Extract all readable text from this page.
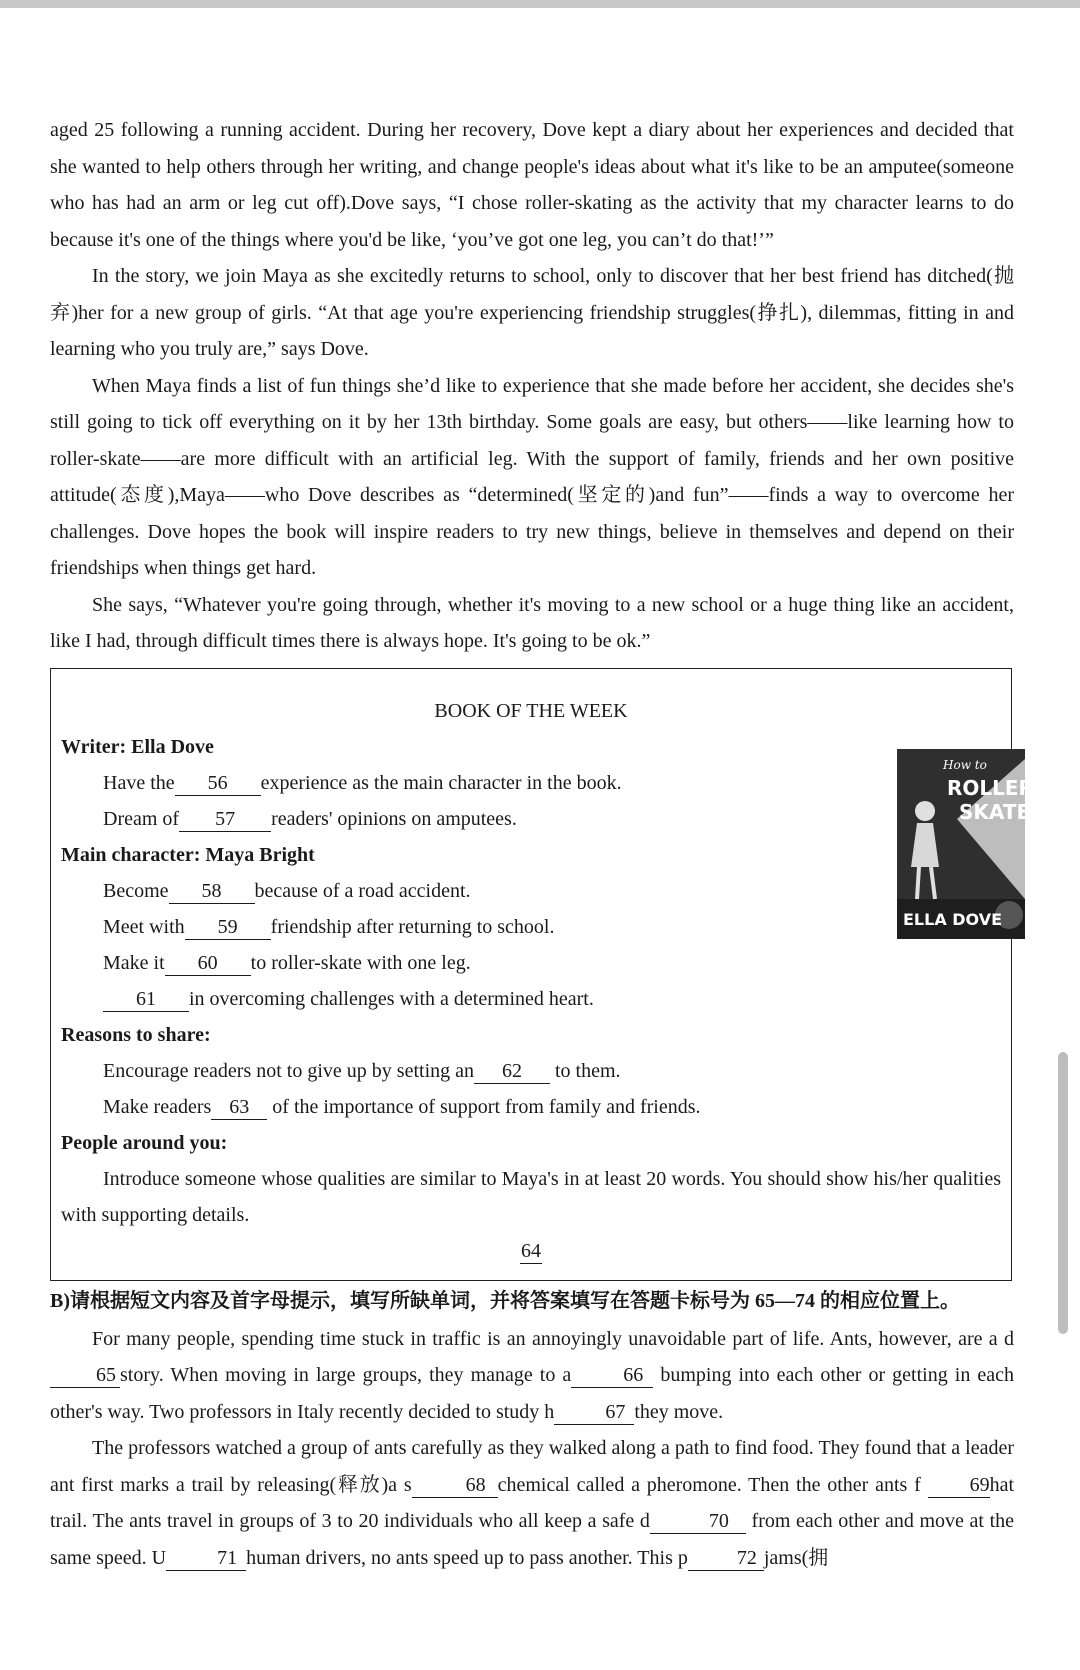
aged 25 following a running accident. During her recovery, Dove kept a diary about her experiences and decided that she wanted to help others through her writing, and change people's ideas about what it's like to be an amputee(someone who has had an arm or leg cut off).Dove says, “I chose roller-skating as the activity that my character learns to do because it's one of the things where you'd be like, ‘you’ve got one leg, you can’t do that!’”

In the story, we join Maya as she excitedly returns to school, only to discover that her best friend has ditched(抛弃)her for a new group of girls. “At that age you're experiencing friendship struggles(挣扎), dilemmas, fitting in and learning who you truly are,” says Dove.

When Maya finds a list of fun things she’d like to experience that she made before her accident, she decides she's still going to tick off everything on it by her 13th birthday. Some goals are easy, but others——like learning how to roller-skate——are more difficult with an artificial leg. With the support of family, friends and her own positive attitude(态度),Maya——who Dove describes as “determined(坚定的)and fun”——finds a way to overcome her challenges. Dove hopes the book will inspire readers to try new things, believe in themselves and depend on their friendships when things get hard.

She says, “Whatever you're going through, whether it's moving to a new school or a huge thing like an accident, like I had, through difficult times there is always hope. It's going to be ok.”

BOOK OF THE WEEK
Writer: Ella Dove
Have the 56 experience as the main character in the book.
Dream of 57 readers' opinions on amputees.
Main character: Maya Bright
Become 58 because of a road accident.
Meet with 59 friendship after returning to school.
Make it 60 to roller-skate with one leg.
61 in overcoming challenges with a determined heart.
Reasons to share:
Encourage readers not to give up by setting an 62 to them.
Make readers 63 of the importance of support from family and friends.
People around you:
Introduce someone whose qualities are similar to Maya's in at least 20 words. You should show his/her qualities with supporting details.
64
How to
ROLLER-
SKATE
ELLA DOVE

B)请根据短文内容及首字母提示，填写所缺单词，并将答案填写在答题卡标号为 65—74 的相应位置上。

For many people, spending time stuck in traffic is an annoyingly unavoidable part of life. Ants, however, are a d65 story. When moving in large groups, they manage to a	66 bumping into each other or getting in each other's way. Two professors in Italy recently decided to study h	67 they move.

The professors watched a group of ants carefully as they walked along a path to find food. They found that a leader ant first marks a trail by releasing(释放)a s	68 chemical called a pheromone. Then the other ants f 69hat trail. The ants travel in groups of 3 to 20 individuals who all keep a safe d	70 from each other and move at the same speed. U	71 human drivers, no ants speed up to pass another. This p 72 jams(拥
